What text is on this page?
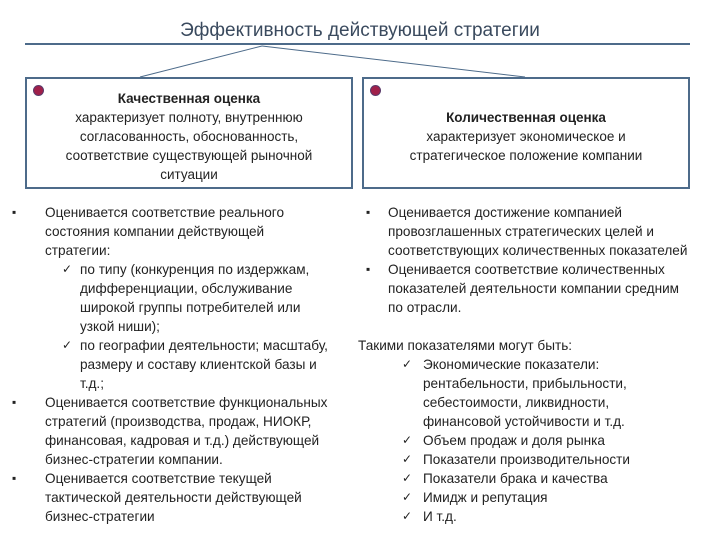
Эффективность действующей стратегии
Качественная оценка
характеризует полноту, внутреннюю
согласованность, обоснованность,
соответствие существующей рыночной
ситуации
Количественная оценка
характеризует экономическое и
стратегическое положение компании
▪ Оценивается соответствие реального
состояния компании действующей
стратегии:
✓ по типу (конкуренция по издержкам,
дифференциации, обслуживание
широкой группы потребителей или
узкой ниши);
✓ по географии деятельности; масштабу,
размеру и составу клиентской базы и
т.д.;
▪ Оценивается соответствие функциональных
стратегий (производства, продаж, НИОКР,
финансовая, кадровая и т.д.) действующей
бизнес-стратегии компании.
▪ Оценивается соответствие текущей
тактической деятельности действующей
бизнес-стратегии
▪ Оценивается достижение компанией
провозглашенных стратегических целей и
соответствующих количественных показателей
▪ Оценивается соответствие количественных
показателей деятельности компании средним
по отрасли.
Такими показателями могут быть:
✓ Экономические показатели:
рентабельности, прибыльности,
себестоимости, ликвидности,
финансовой устойчивости и т.д.
✓ Объем продаж и доля рынка
✓ Показатели производительности
✓ Показатели брака и качества
✓ Имидж и репутация
✓ И т.д.
